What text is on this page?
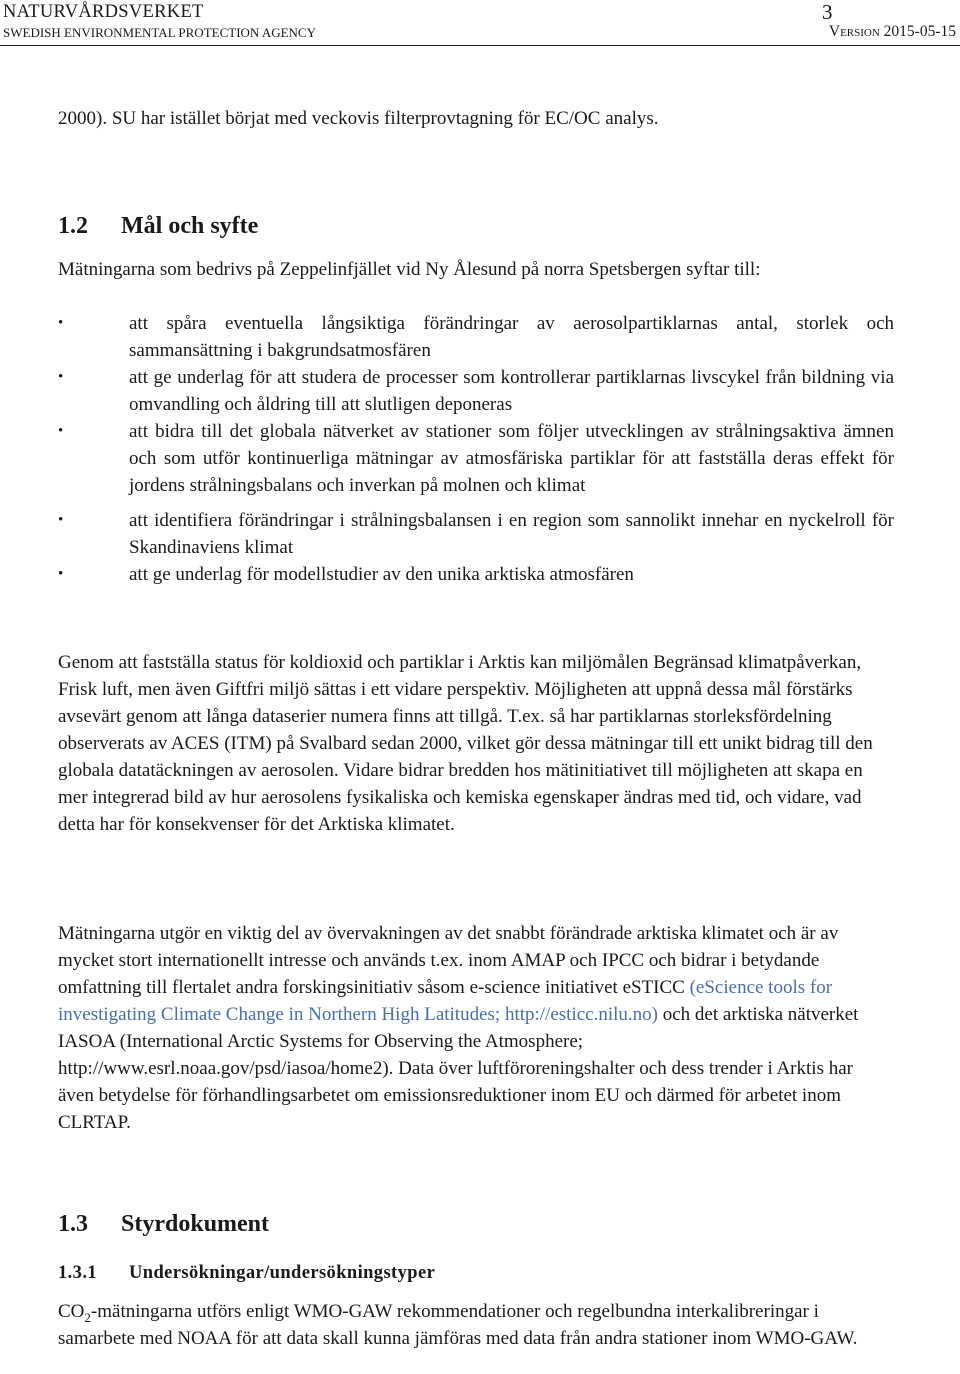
NATURVÅRDSVERKET
SWEDISH ENVIRONMENTAL PROTECTION AGENCY
3
Version 2015-05-15

2000). SU har istället börjat med veckovis filterprovtagning för EC/OC analys.

1.2 Mål och syfte

Mätningarna som bedrivs på Zeppelinfjället vid Ny Ålesund på norra Spetsbergen syftar till:

•	att spåra eventuella långsiktiga förändringar av aerosolpartiklarnas antal, storlek och sammansättning i bakgrundsatmosfären
•	att ge underlag för att studera de processer som kontrollerar partiklarnas livscykel från bildning via omvandling och åldring till att slutligen deponeras
•	att bidra till det globala nätverket av stationer som följer utvecklingen av strålningsaktiva ämnen och som utför kontinuerliga mätningar av atmosfäriska partiklar för att fastställa deras effekt för jordens strålningsbalans och inverkan på molnen och klimat
•	att identifiera förändringar i strålningsbalansen i en region som sannolikt innehar en nyckelroll för Skandinaviens klimat
•	att ge underlag för modellstudier av den unika arktiska atmosfären

Genom att fastställa status för koldioxid och partiklar i Arktis kan miljömålen Begränsad klimatpåverkan, Frisk luft, men även Giftfri miljö sättas i ett vidare perspektiv. Möjligheten att uppnå dessa mål förstärks avsevärt genom att långa dataserier numera finns att tillgå. T.ex. så har partiklarnas storleksfördelning observerats av ACES (ITM) på Svalbard sedan 2000, vilket gör dessa mätningar till ett unikt bidrag till den globala datatäckningen av aerosolen. Vidare bidrar bredden hos mätinitiativet till möjligheten att skapa en mer integrerad bild av hur aerosolens fysikaliska och kemiska egenskaper ändras med tid, och vidare, vad detta har för konsekvenser för det Arktiska klimatet.

Mätningarna utgör en viktig del av övervakningen av det snabbt förändrade arktiska klimatet och är av mycket stort internationellt intresse och används t.ex. inom AMAP och IPCC och bidrar i betydande omfattning till flertalet andra forskingsinitiativ såsom e-science initiativet eSTICC (eScience tools for investigating Climate Change in Northern High Latitudes; http://esticc.nilu.no) och det arktiska nätverket IASOA (International Arctic Systems for Observing the Atmosphere; http://www.esrl.noaa.gov/psd/iasoa/home2). Data över luftföroreningshalter och dess trender i Arktis har även betydelse för förhandlingsarbetet om emissionsreduktioner inom EU och därmed för arbetet inom CLRTAP.

1.3 Styrdokument
1.3.1 Undersökningar/undersökningstyper

$CO_2$-mätningarna utförs enligt WMO-GAW rekommendationer och regelbundna interkalibreringar i samarbete med NOAA för att data skall kunna jämföras med data från andra stationer inom WMO-GAW.
